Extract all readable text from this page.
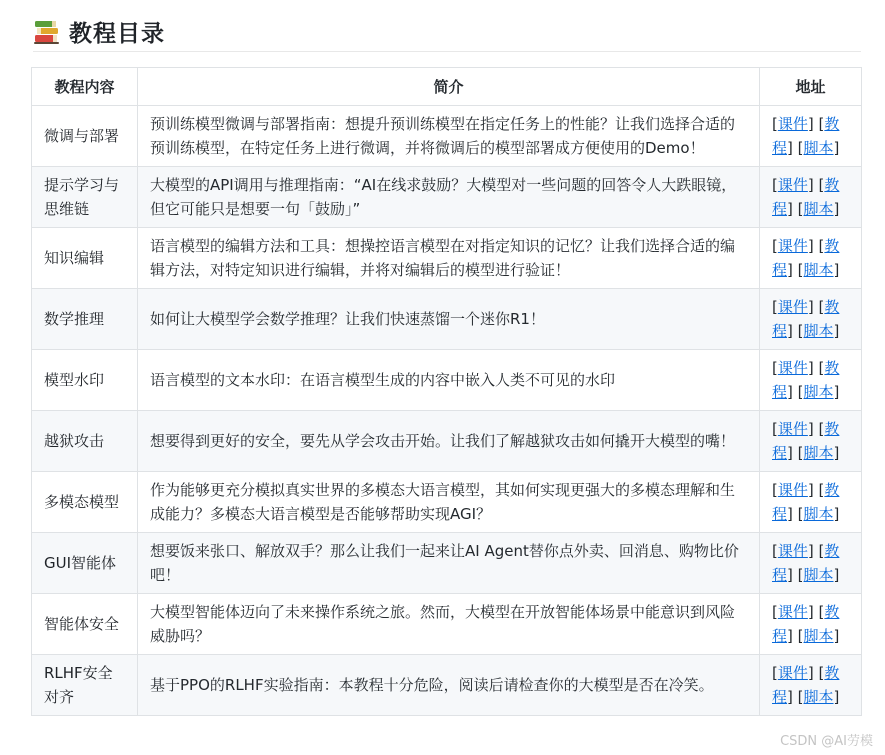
教程目录
教程内容	简介	地址
微调与部署	预训练模型微调与部署指南：想提升预训练模型在指定任务上的性能？让我们选择合适的预训练模型，在特定任务上进行微调，并将微调后的模型部署成方便使用的Demo！	[课件] [教程] [脚本]
提示学习与思维链	大模型的API调用与推理指南：“AI在线求鼓励？大模型对一些问题的回答令人大跌眼镜，但它可能只是想要一句「鼓励」”	[课件] [教程] [脚本]
知识编辑	语言模型的编辑方法和工具：想操控语言模型在对指定知识的记忆？让我们选择合适的编辑方法，对特定知识进行编辑，并将对编辑后的模型进行验证！	[课件] [教程] [脚本]
数学推理	如何让大模型学会数学推理？让我们快速蒸馏一个迷你R1！	[课件] [教程] [脚本]
模型水印	语言模型的文本水印：在语言模型生成的内容中嵌入人类不可见的水印	[课件] [教程] [脚本]
越狱攻击	想要得到更好的安全，要先从学会攻击开始。让我们了解越狱攻击如何撬开大模型的嘴！	[课件] [教程] [脚本]
多模态模型	作为能够更充分模拟真实世界的多模态大语言模型，其如何实现更强大的多模态理解和生成能力？多模态大语言模型是否能够帮助实现AGI？	[课件] [教程] [脚本]
GUI智能体	想要饭来张口、解放双手？那么让我们一起来让AI Agent替你点外卖、回消息、购物比价吧！	[课件] [教程] [脚本]
智能体安全	大模型智能体迈向了未来操作系统之旅。然而，大模型在开放智能体场景中能意识到风险威胁吗？	[课件] [教程] [脚本]
RLHF安全对齐	基于PPO的RLHF实验指南：本教程十分危险，阅读后请检查你的大模型是否在冷笑。	[课件] [教程] [脚本]
CSDN @AI劳模
